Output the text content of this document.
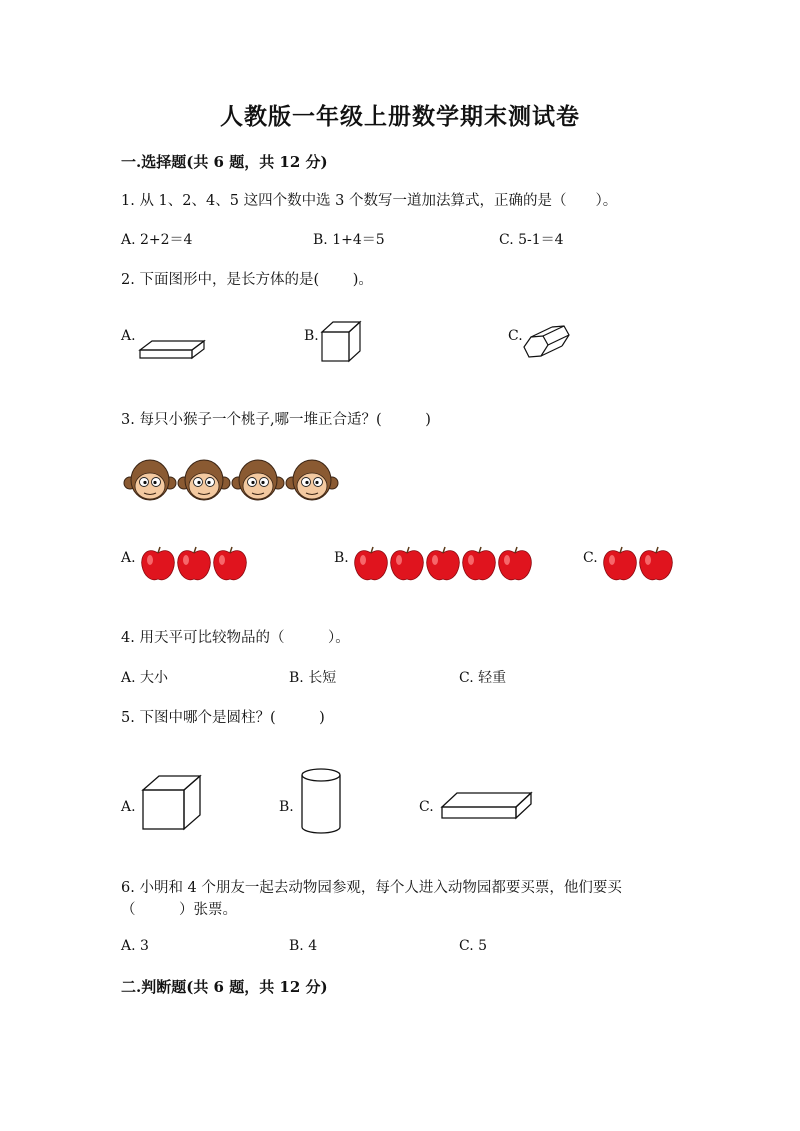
人教版一年级上册数学期末测试卷
一.选择题(共 6 题，共 12 分)
1. 从 1、2、4、5 这四个数中选 3 个数写一道加法算式，正确的是（　　）。
A. 2+2＝4	B. 1+4＝5	C. 5-1＝4
2. 下面图形中，是长方体的是(　　 )。
A.	B.	C.
3. 每只小猴子一个桃子,哪一堆正合适？(　　　)
A.	B.	C.
4. 用天平可比较物品的（　　　）。
A. 大小	B. 长短	C. 轻重
5. 下图中哪个是圆柱？(　　　)
A.	B.	C.
6. 小明和 4 个朋友一起去动物园参观，每个人进入动物园都要买票，他们要买
（　　　）张票。
A. 3	B. 4	C. 5
二.判断题(共 6 题，共 12 分)
